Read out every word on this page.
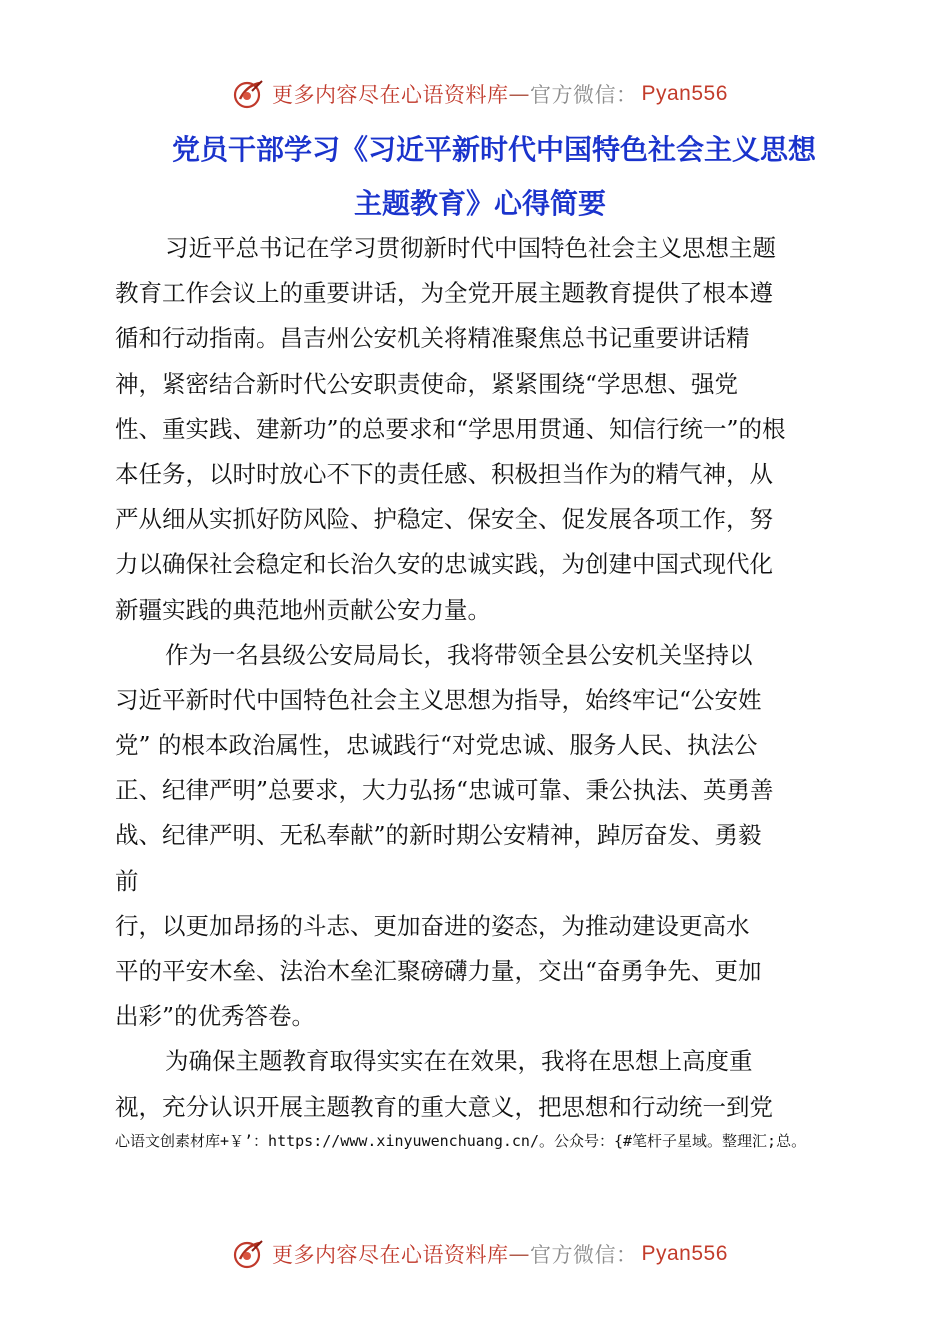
更多内容尽在心语资料库 — 官方微信： Pyan556
党员干部学习《习近平新时代中国特色社会主义思想
主题教育》心得简要
习近平总书记在学习贯彻新时代中国特色社会主义思想主题
教育工作会议上的重要讲话，为全党开展主题教育提供了根本遵
循和行动指南。昌吉州公安机关将精准聚焦总书记重要讲话精
神，紧密结合新时代公安职责使命，紧紧围绕“学思想、强党
性、重实践、建新功”的总要求和“学思用贯通、知信行统一”的根
本任务，以时时放心不下的责任感、积极担当作为的精气神，从
严从细从实抓好防风险、护稳定、保安全、促发展各项工作，努
力以确保社会稳定和长治久安的忠诚实践，为创建中国式现代化
新疆实践的典范地州贡献公安力量。
作为一名县级公安局局长，我将带领全县公安机关坚持以
习近平新时代中国特色社会主义思想为指导，始终牢记“公安姓
党” 的根本政治属性，忠诚践行“对党忠诚、服务人民、执法公
正、纪律严明”总要求，大力弘扬“忠诚可靠、秉公执法、英勇善
战、纪律严明、无私奉献”的新时期公安精神，踔厉奋发、勇毅
前
行，以更加昂扬的斗志、更加奋进的姿态，为推动建设更高水
平的平安木垒、法治木垒汇聚磅礴力量，交出“奋勇争先、更加
出彩”的优秀答卷。
为确保主题教育取得实实在在效果，我将在思想上高度重
视，充分认识开展主题教育的重大意义，把思想和行动统一到党
心语文创素材库+￥’：https://www.xinyuwenchuang.cn/。公众号：{#笔杆子星域。整理汇;总。
更多内容尽在心语资料库 — 官方微信： Pyan556
